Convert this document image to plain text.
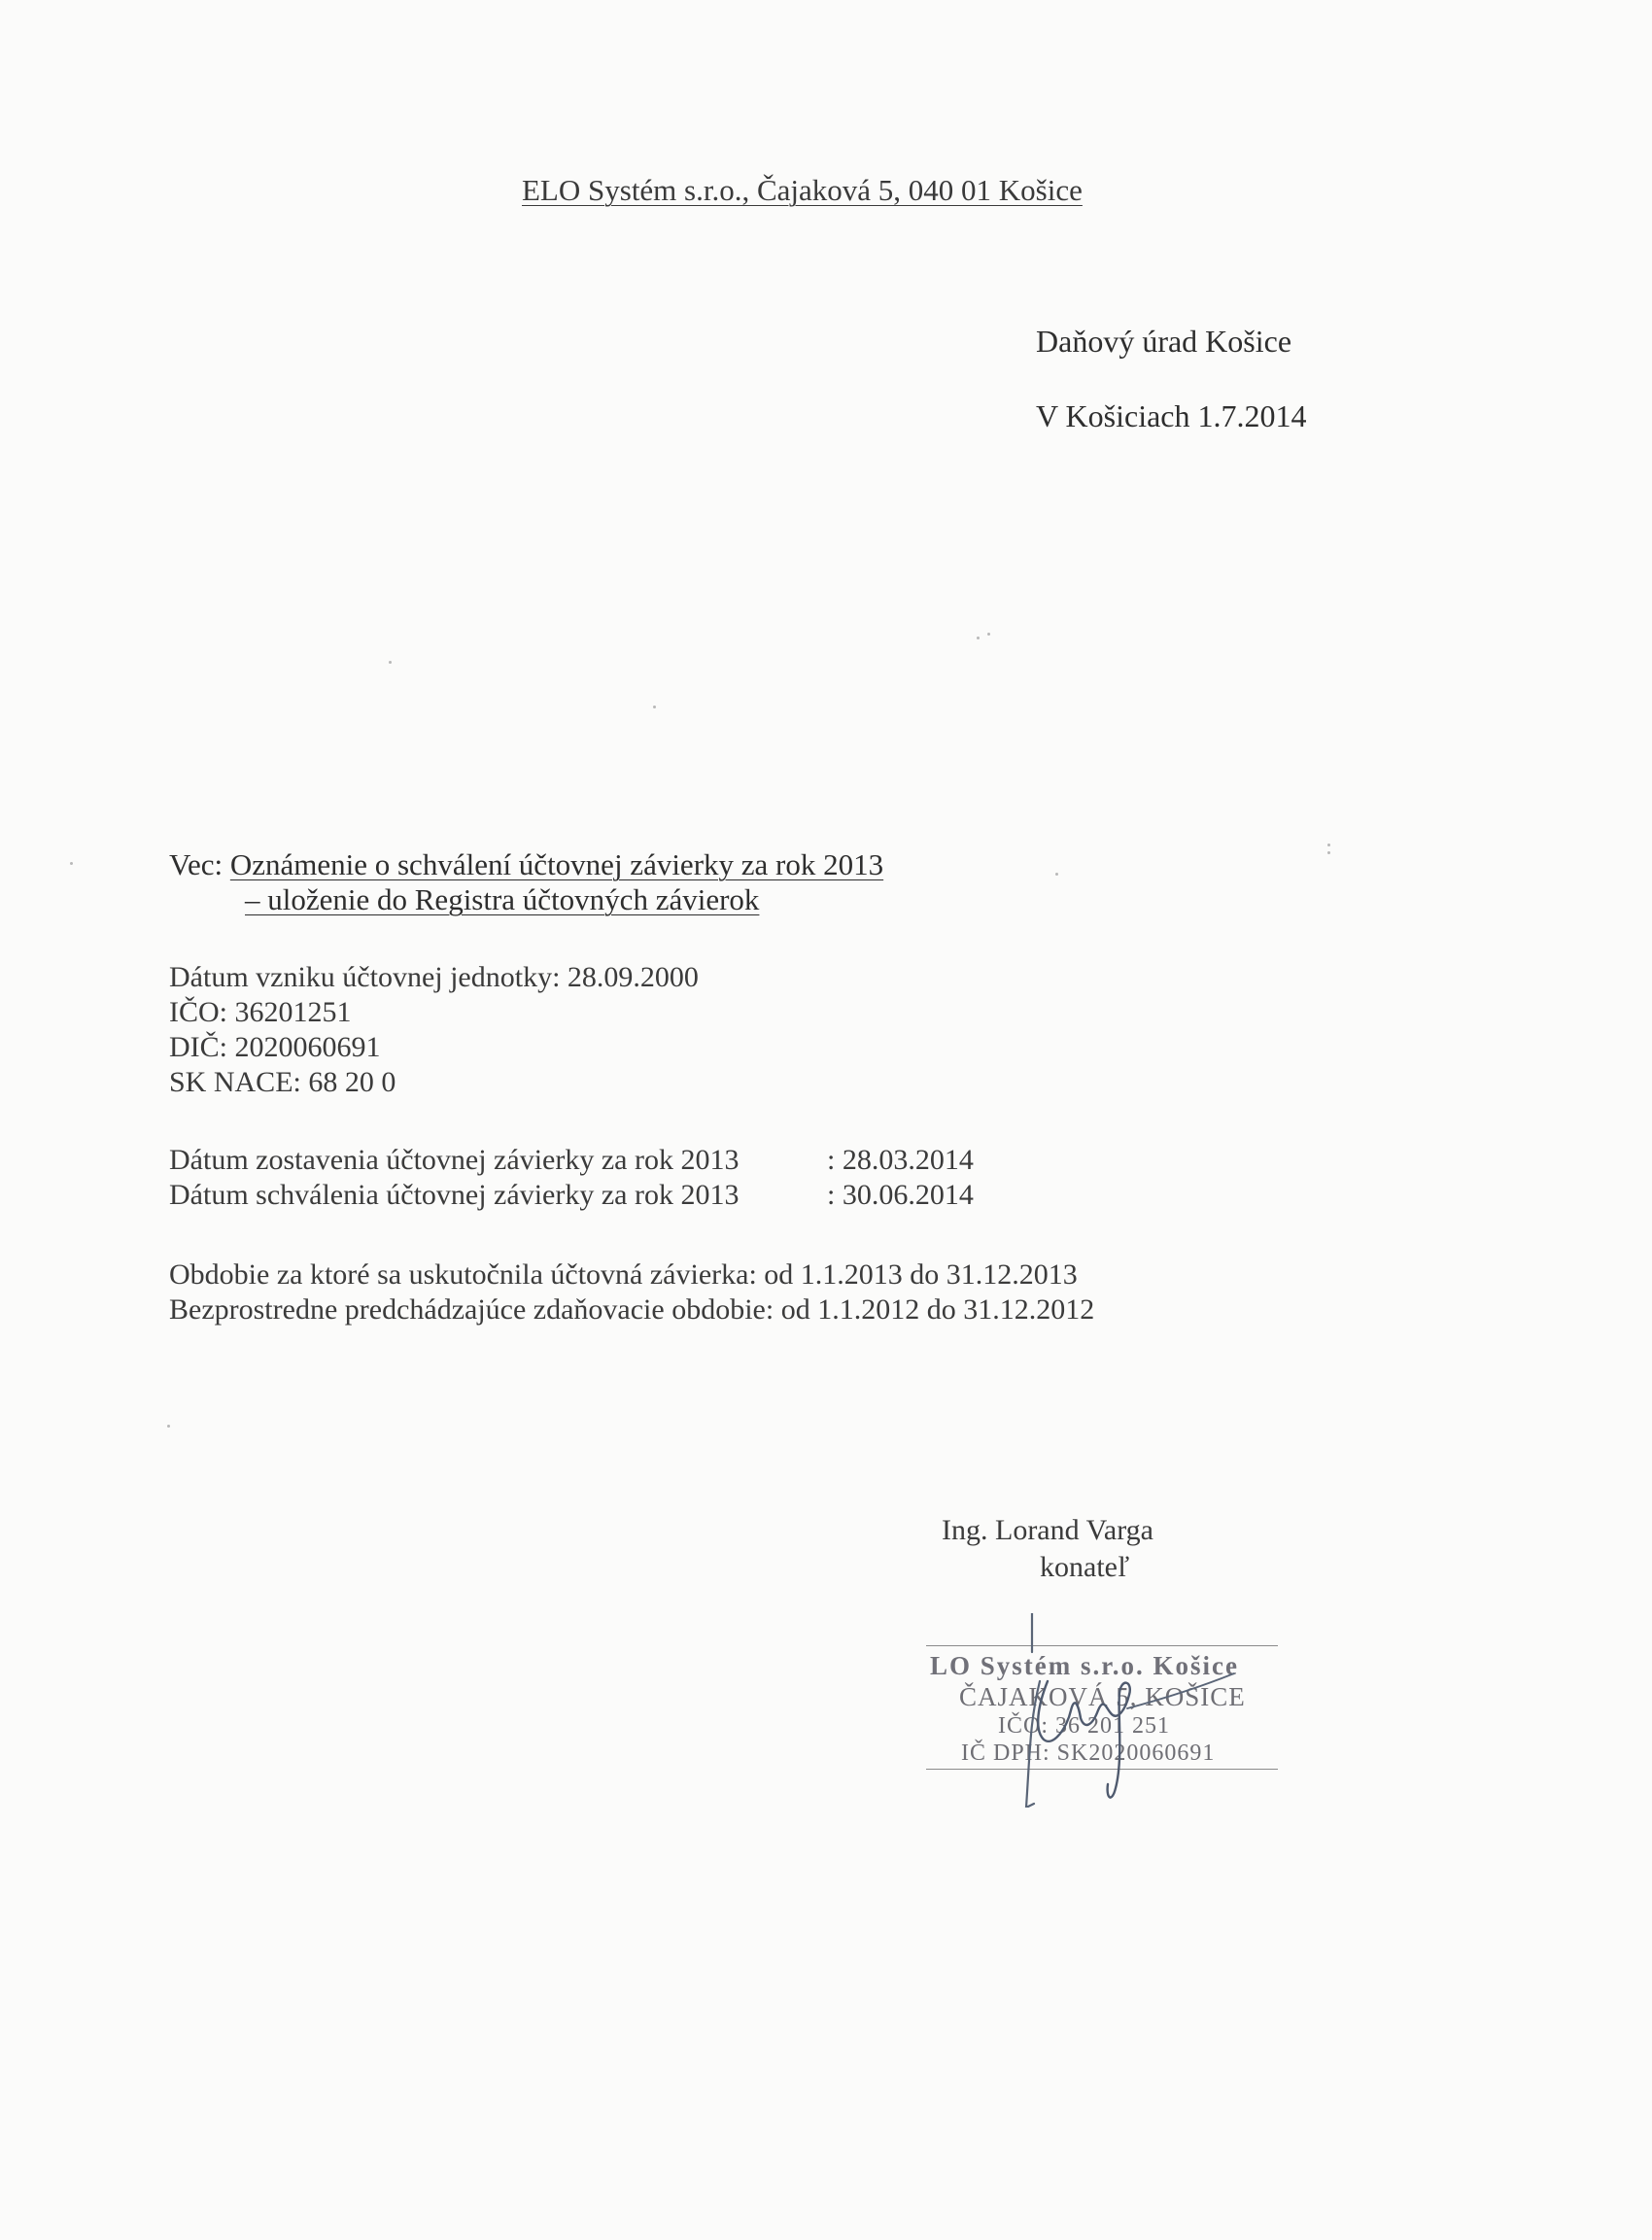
ELO Systém s.r.o., Čajaková 5, 040 01 Košice
Daňový úrad Košice
V Košiciach 1.7.2014
Vec: Oznámenie o schválení účtovnej závierky za rok 2013
– uloženie do Registra účtovných závierok
Dátum vzniku účtovnej jednotky: 28.09.2000
IČO: 36201251
DIČ: 2020060691
SK NACE: 68 20 0
Dátum zostavenia účtovnej závierky za rok 2013	: 28.03.2014
Dátum schválenia účtovnej závierky za rok 2013	: 30.06.2014
Obdobie za ktoré sa uskutočnila účtovná závierka: od 1.1.2013 do 31.12.2013
Bezprostredne predchádzajúce zdaňovacie obdobie: od 1.1.2012 do 31.12.2012
Ing. Lorand Varga
konateľ
LO Systém s.r.o. Košice
ČAJAKOVÁ 5, KOŠICE
IČO: 36 201 251
IČ DPH: SK2020060691
